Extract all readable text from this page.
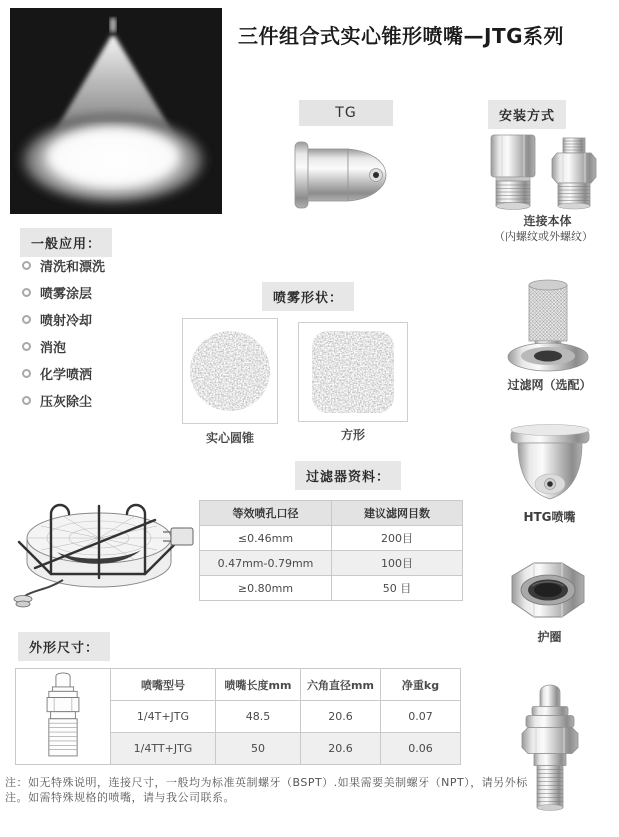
三件组合式实心锥形喷嘴—JTG系列
TG	安装方式
连接本体
（内螺纹或外螺纹）
一般应用：
清洗和漂洗
喷雾涂层
喷射冷却
消泡
化学喷洒
压灰除尘
喷雾形状：
实心圆锥	方形
过滤器资料：
等效喷孔口径	建议滤网目数
≤0.46mm	200目
0.47mm-0.79mm	100目
≥0.80mm	50 目
外形尺寸：
	喷嘴型号	喷嘴长度mm	六角直径mm	净重kg
	1/4T+JTG	48.5	20.6	0.07
	1/4TT+JTG	50	20.6	0.06
注：如无特殊说明，连接尺寸，一般均为标准英制螺牙（BSPT）.如果需要美制螺牙（NPT），请另外标
注。如需特殊规格的喷嘴，请与我公司联系。
过滤网（选配）
HTG喷嘴
护圈
